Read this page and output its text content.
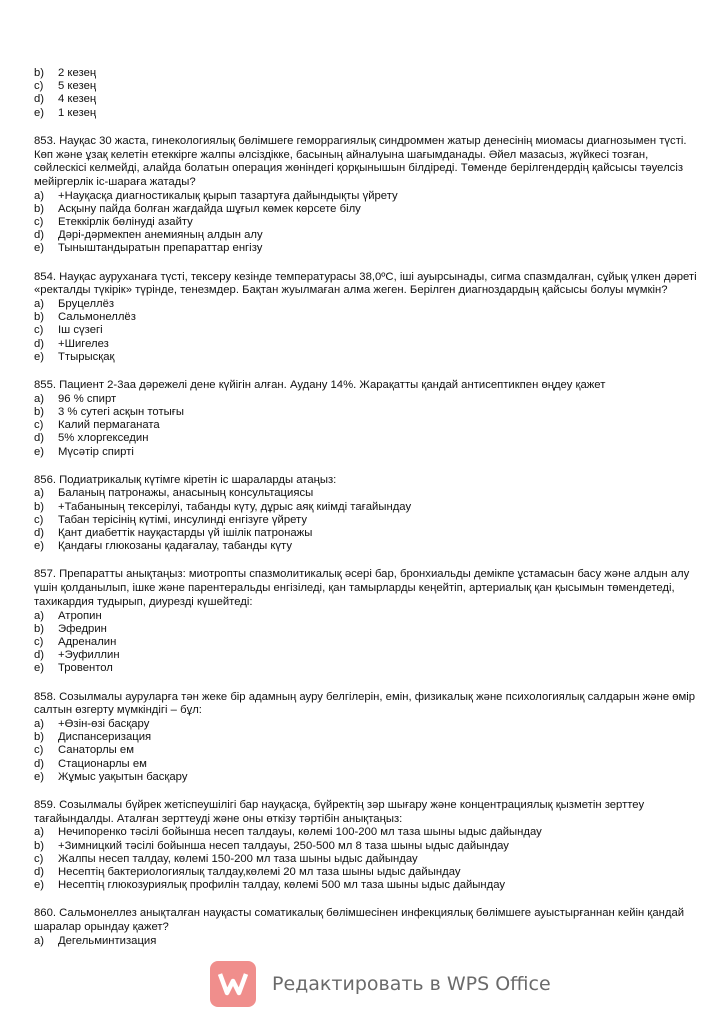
b) 2 кезең
c) 5 кезең
d) 4 кезең
e) 1 кезең
853. Науқас 30 жаста, гинекологиялық бөлімшеге геморрагиялық синдроммен жатыр денесінің миомасы диагнозымен түсті.
Көп және ұзақ келетін етеккірге жалпы әлсіздікке, басының айналуына шағымданады. Әйел мазасыз, жүйкесі тозған,
сөйлескісі келмейді, алайда болатын операция жөніндегі қорқынышын білдіреді. Төменде берілгендердің қайсысы тәуелсіз
мейіргерлік іс-шараға жатады?
a) +Науқасқа диагностикалық қырып тазартуға дайындықты үйрету
b) Асқыну пайда болған жағдайда шұғыл көмек көрсете білу
c) Етеккірлік бөлінуді азайту
d) Дәрі-дәрмекпен анемияның алдын алу
e) Тыныштандыратын препараттар енгізу
854. Науқас ауруханаға түсті, тексеру кезінде температурасы 38,0ºС, іші ауырсынады, сигма спазмдалған, сұйық үлкен дәреті
«ректалды түкірік» түрінде, тенезмдер. Бақтан жуылмаған алма жеген. Берілген диагноздардың қайсысы болуы мүмкін?
a) Бруцеллёз
b) Сальмонеллёз
c) Іш сүзегі
d) +Шигелез
e) Ттырысқақ
855. Пациент 2-3аа дәрежелі дене күйігін алған. Аудану 14%. Жарақатты қандай антисептикпен өңдеу қажет
a) 96 % спирт
b) 3 % сутегі асқын тотығы
c) Калий пермаганата
d) 5% хлоргекседин
e) Мүсәтір спирті
856. Подиатрикалық күтімге кіретін іс шараларды атаңыз:
a) Баланың патронажы, анасының консультациясы
b) +Табанының тексерілуі, табанды күту, дұрыс аяқ киімді тағайындау
c) Табан терісінің күтімі, инсулинді енгізуге үйрету
d) Қант диабеттік науқастарды үй ішілік патронажы
e) Қандағы глюкозаны қадағалау, табанды күту
857. Препаратты анықтаңыз: миотропты спазмолитикалық әсері бар, бронхиальды демікпе ұстамасын басу және алдын алу
үшін қолданылып, ішке және парентеральды енгізіледі, қан тамырларды кеңейтіп, артериалық қан қысымын төмендетеді,
тахикардия тудырып, диурезді күшейтеді:
a) Атропин
b) Эфедрин
c) Адреналин
d) +Эуфиллин
e) Тровентол
858. Созылмалы ауруларға тән жеке бір адамның ауру белгілерін, емін, физикалық және психологиялық салдарын және өмір
салтын өзгерту мүмкіндігі – бұл:
a) +Өзін-өзі басқару
b) Диспансеризация
c) Санаторлы ем
d) Стационарлы ем
e) Жұмыс уақытын басқару
859. Созылмалы бүйрек жетіспеушілігі бар науқасқа, бүйректің зәр шығару және концентрациялық қызметін зерттеу
тағайындалды. Аталған зерттеуді және оны өткізу тәртібін анықтаңыз:
a) Нечипоренко тәсілі бойынша несеп талдауы, көлемі 100-200 мл таза шыны ыдыс дайындау
b) +Зимницкий тәсілі бойынша несеп талдауы, 250-500 мл 8 таза шыны ыдыс дайындау
c) Жалпы несеп талдау, көлемі 150-200 мл таза шыны ыдыс дайындау
d) Несептің бактериологиялық талдау,көлемі 20 мл таза шыны ыдыс дайындау
e) Несептің глюкозуриялық профилін талдау, көлемі 500 мл таза шыны ыдыс дайындау
860. Сальмонеллез анықталған науқасты соматикалық бөлімшесінен инфекциялық бөлімшеге ауыстырғаннан кейін қандай
шаралар орындау қажет?
a) Дегельминтизация
Редактировать в WPS Office
